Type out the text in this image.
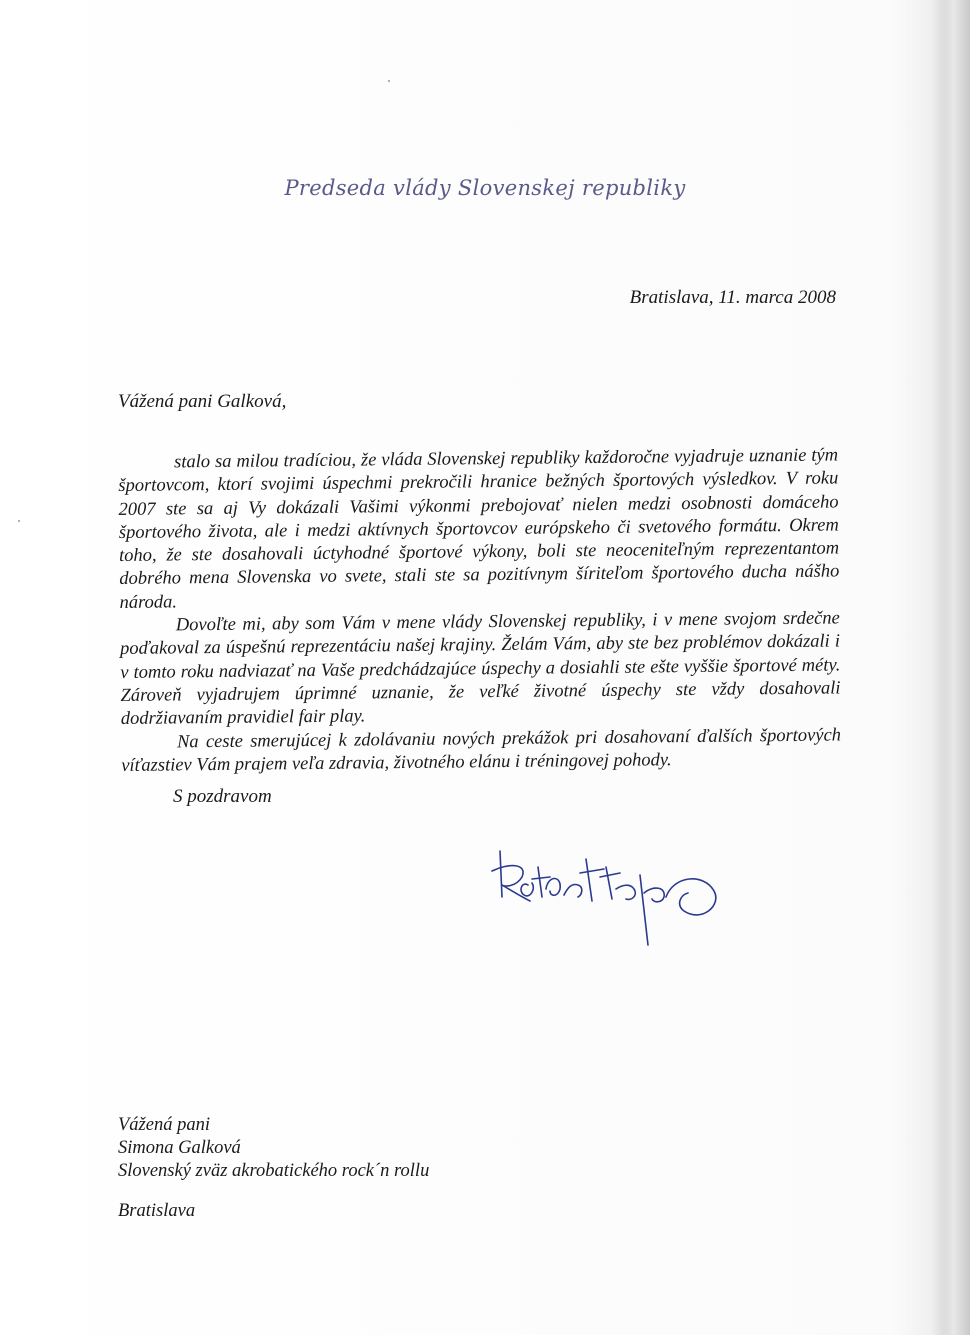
Predseda vlády Slovenskej republiky
Bratislava, 11. marca 2008
Vážená pani Galková,

stalo sa milou tradíciou, že vláda Slovenskej republiky každoročne vyjadruje uznanie tým športovcom, ktorí svojimi úspechmi prekročili hranice bežných športových výsledkov. V roku 2007 ste sa aj Vy dokázali Vašimi výkonmi prebojovať nielen medzi osobnosti domáceho športového života, ale i medzi aktívnych športovcov európskeho či svetového formátu. Okrem toho, že ste dosahovali úctyhodné športové výkony, boli ste neoceniteľným reprezentantom dobrého mena Slovenska vo svete, stali ste sa pozitívnym šíriteľom športového ducha nášho národa.

Dovoľte mi, aby som Vám v mene vlády Slovenskej republiky, i v mene svojom srdečne poďakoval za úspešnú reprezentáciu našej krajiny. Želám Vám, aby ste bez problémov dokázali i v tomto roku nadviazať na Vaše predchádzajúce úspechy a dosiahli ste ešte vyššie športové méty. Zároveň vyjadrujem úprimné uznanie, že veľké životné úspechy ste vždy dosahovali dodržiavaním pravidiel fair play.

Na ceste smerujúcej k zdolávaniu nových prekážok pri dosahovaní ďalších športových víťazstiev Vám prajem veľa zdravia, životného elánu i tréningovej pohody.

S pozdravom
Vážená pani
Simona Galková
Slovenský zväz akrobatického rock´n rollu
Bratislava
